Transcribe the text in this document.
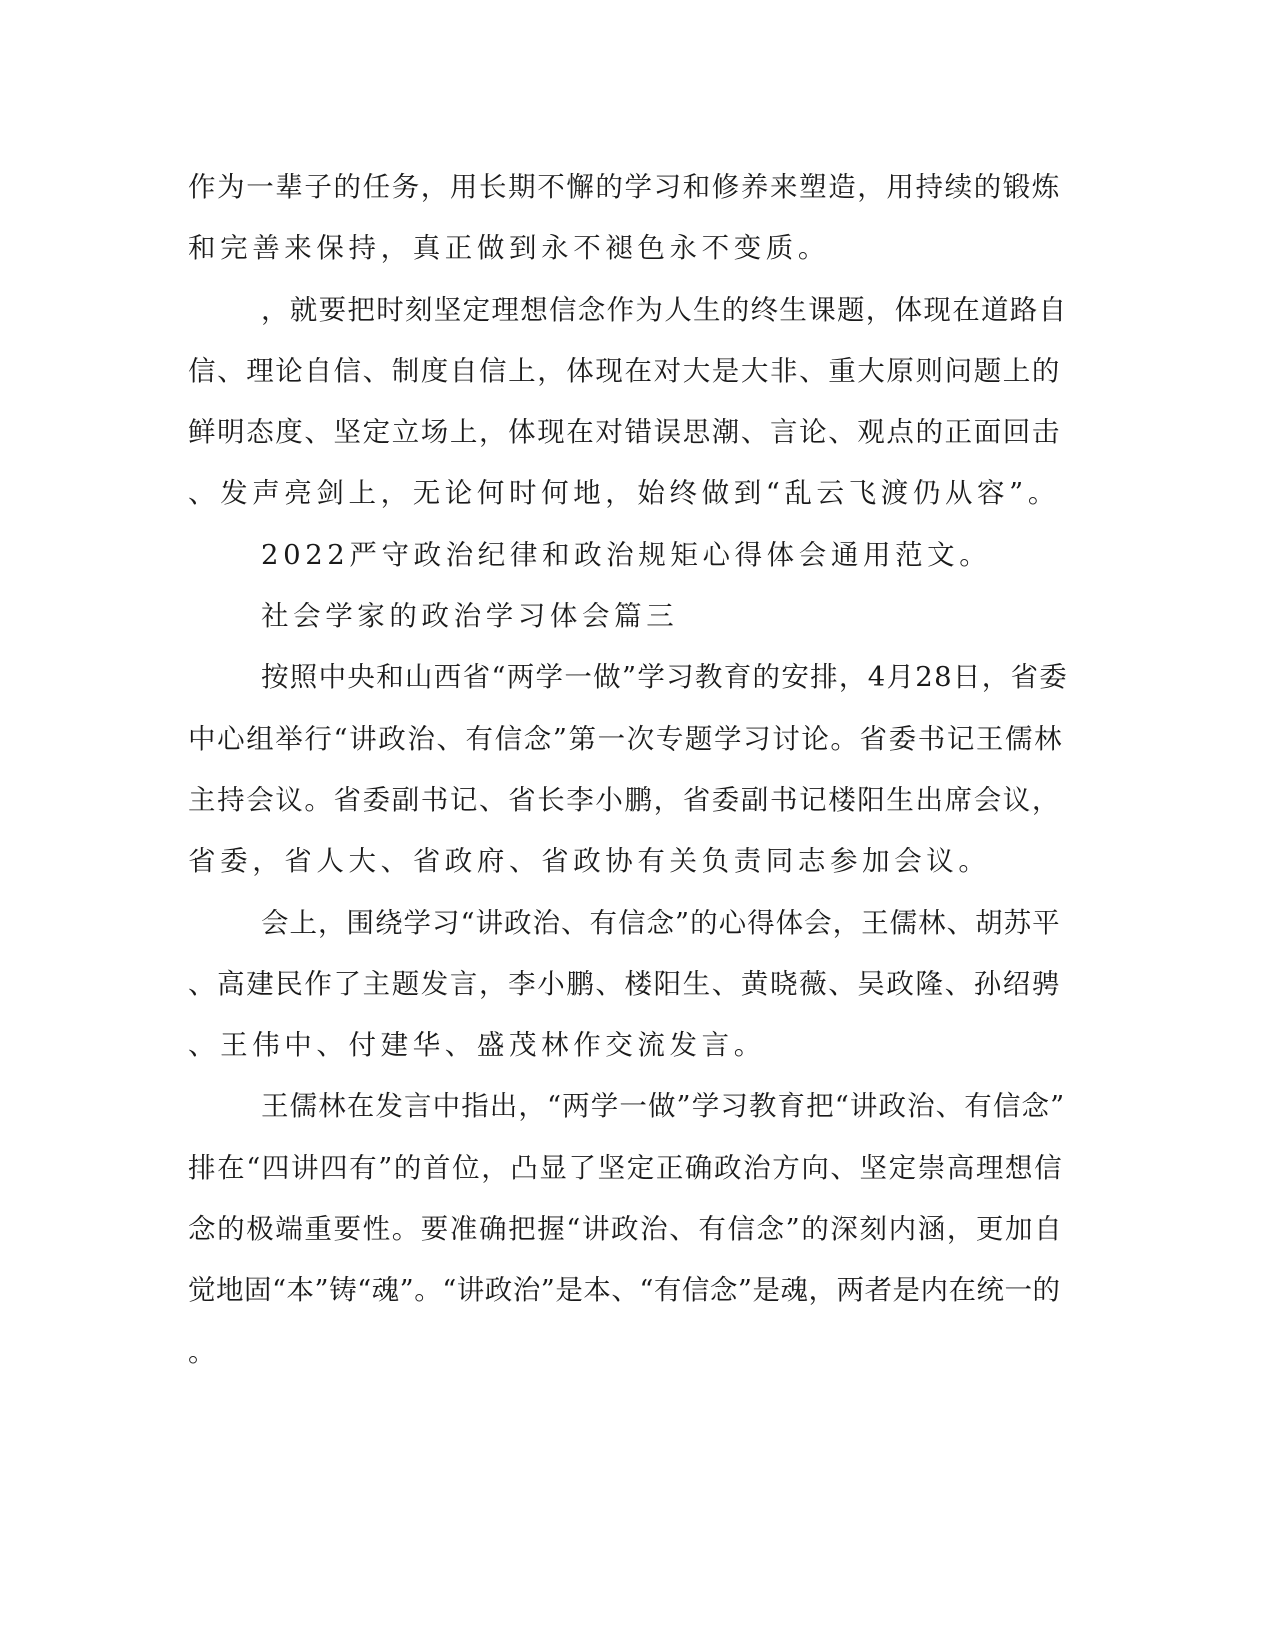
作为一辈子的任务，用长期不懈的学习和修养来塑造，用持续的锻炼
和完善来保持，真正做到永不褪色永不变质。
，就要把时刻坚定理想信念作为人生的终生课题，体现在道路自
信、理论自信、制度自信上，体现在对大是大非、重大原则问题上的
鲜明态度、坚定立场上，体现在对错误思潮、言论、观点的正面回击
、发声亮剑上，无论何时何地，始终做到“乱云飞渡仍从容”。
2022严守政治纪律和政治规矩心得体会通用范文。
社会学家的政治学习体会篇三
按照中央和山西省“两学一做”学习教育的安排，4月28日，省委
中心组举行“讲政治、有信念”第一次专题学习讨论。省委书记王儒林
主持会议。省委副书记、省长李小鹏，省委副书记楼阳生出席会议，
省委，省人大、省政府、省政协有关负责同志参加会议。
会上，围绕学习“讲政治、有信念”的心得体会，王儒林、胡苏平
、高建民作了主题发言，李小鹏、楼阳生、黄晓薇、吴政隆、孙绍骋
、王伟中、付建华、盛茂林作交流发言。
王儒林在发言中指出，“两学一做”学习教育把“讲政治、有信念”
排在“四讲四有”的首位，凸显了坚定正确政治方向、坚定崇高理想信
念的极端重要性。要准确把握“讲政治、有信念”的深刻内涵，更加自
觉地固“本”铸“魂”。“讲政治”是本、“有信念”是魂，两者是内在统一的
。
